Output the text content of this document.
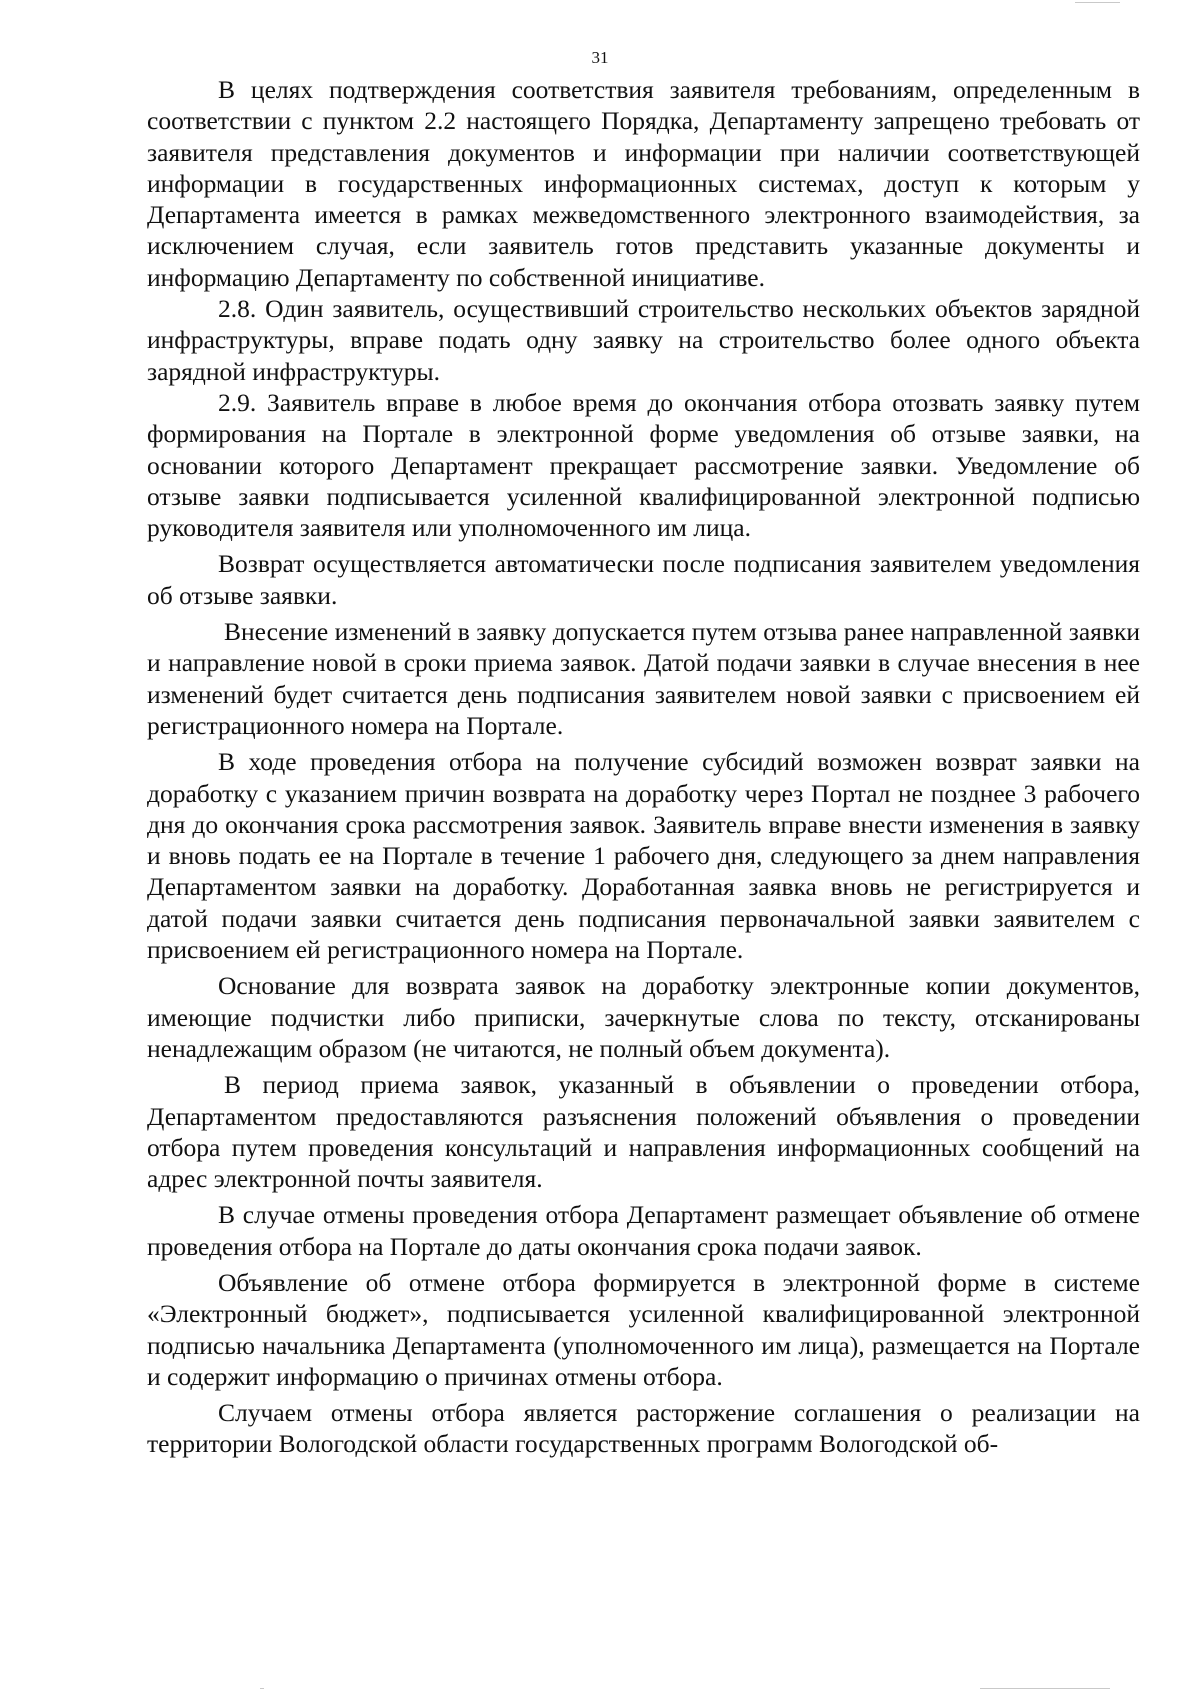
31

В целях подтверждения соответствия заявителя требованиям, определенным в соответствии с пунктом 2.2 настоящего Порядка, Департаменту запрещено требовать от заявителя представления документов и информации при наличии соответствующей информации в государственных информационных системах, доступ к которым у Департамента имеется в рамках межведомственного электронного взаимодействия, за исключением случая, если заявитель готов представить указанные документы и информацию Департаменту по собственной инициативе.

2.8. Один заявитель, осуществивший строительство нескольких объектов зарядной инфраструктуры, вправе подать одну заявку на строительство более одного объекта зарядной инфраструктуры.

2.9. Заявитель вправе в любое время до окончания отбора отозвать заявку путем формирования на Портале в электронной форме уведомления об отзыве заявки, на основании которого Департамент прекращает рассмотрение заявки. Уведомление об отзыве заявки подписывается усиленной квалифицированной электронной подписью руководителя заявителя или уполномоченного им лица.

Возврат осуществляется автоматически после подписания заявителем уведомления об отзыве заявки.

Внесение изменений в заявку допускается путем отзыва ранее направленной заявки и направление новой в сроки приема заявок. Датой подачи заявки в случае внесения в нее изменений будет считается день подписания заявителем новой заявки с присвоением ей регистрационного номера на Портале.

В ходе проведения отбора на получение субсидий возможен возврат заявки на доработку с указанием причин возврата на доработку через Портал не позднее 3 рабочего дня до окончания срока рассмотрения заявок. Заявитель вправе внести изменения в заявку и вновь подать ее на Портале в течение 1 рабочего дня, следующего за днем направления Департаментом заявки на доработку. Доработанная заявка вновь не регистрируется и датой подачи заявки считается день подписания первоначальной заявки заявителем с присвоением ей регистрационного номера на Портале.

Основание для возврата заявок на доработку электронные копии документов, имеющие подчистки либо приписки, зачеркнутые слова по тексту, отсканированы ненадлежащим образом (не читаются, не полный объем документа).

В период приема заявок, указанный в объявлении о проведении отбора, Департаментом предоставляются разъяснения положений объявления о проведении отбора путем проведения консультаций и направления информационных сообщений на адрес электронной почты заявителя.

В случае отмены проведения отбора Департамент размещает объявление об отмене проведения отбора на Портале до даты окончания срока подачи заявок.

Объявление об отмене отбора формируется в электронной форме в системе «Электронный бюджет», подписывается усиленной квалифицированной электронной подписью начальника Департамента (уполномоченного им лица), размещается на Портале и содержит информацию о причинах отмены отбора.

Случаем отмены отбора является расторжение соглашения о реализации на территории Вологодской области государственных программ Вологодской об-
